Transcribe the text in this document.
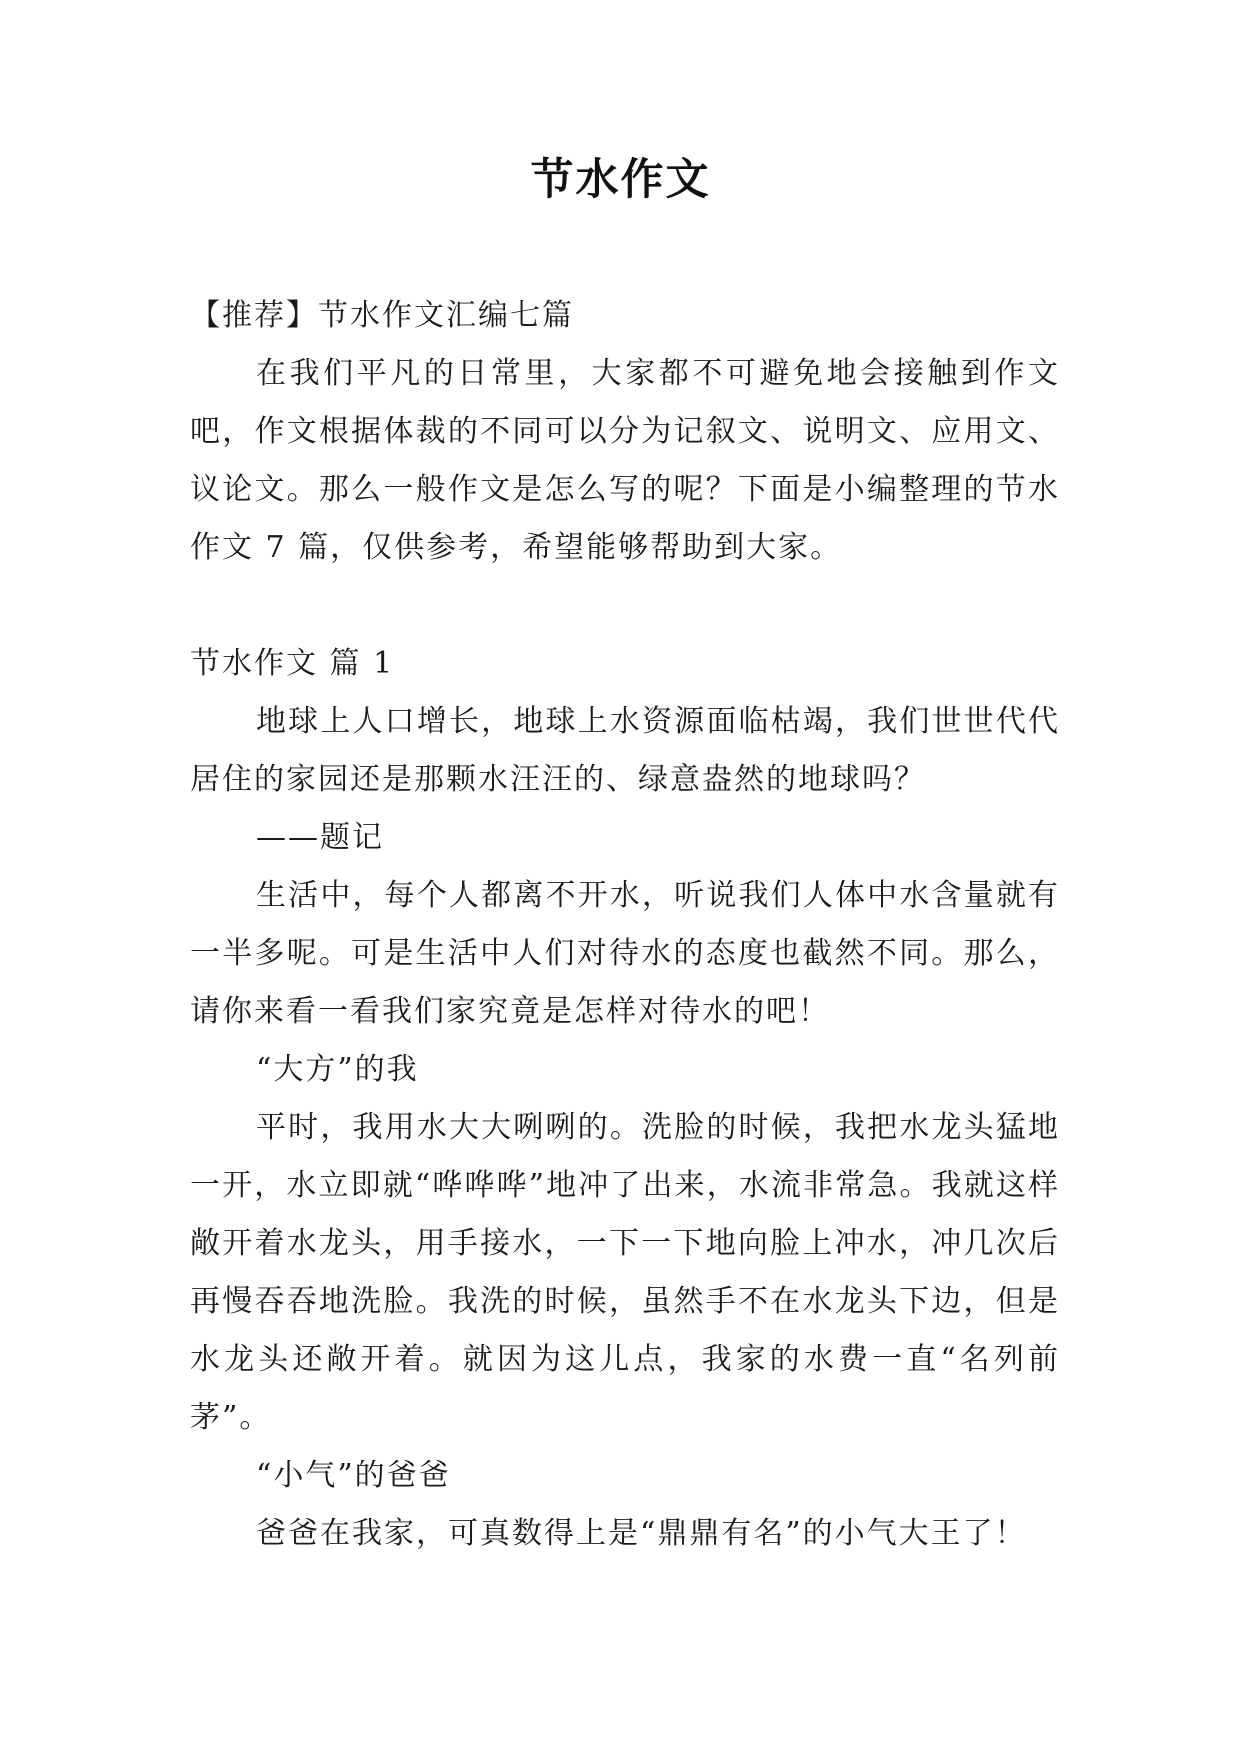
节水作文

【推荐】节水作文汇编七篇

在我们平凡的日常里，大家都不可避免地会接触到作文吧，作文根据体裁的不同可以分为记叙文、说明文、应用文、议论文。那么一般作文是怎么写的呢？下面是小编整理的节水作文 7 篇，仅供参考，希望能够帮助到大家。

节水作文 篇 1

地球上人口增长，地球上水资源面临枯竭，我们世世代代居住的家园还是那颗水汪汪的、绿意盎然的地球吗？

——题记

生活中，每个人都离不开水，听说我们人体中水含量就有一半多呢。可是生活中人们对待水的态度也截然不同。那么，请你来看一看我们家究竟是怎样对待水的吧！

“大方”的我

平时，我用水大大咧咧的。洗脸的时候，我把水龙头猛地一开，水立即就“哗哗哗”地冲了出来，水流非常急。我就这样敞开着水龙头，用手接水，一下一下地向脸上冲水，冲几次后再慢吞吞地洗脸。我洗的时候，虽然手不在水龙头下边，但是水龙头还敞开着。就因为这儿点，我家的水费一直“名列前茅”。

“小气”的爸爸

爸爸在我家，可真数得上是“鼎鼎有名”的小气大王了！
